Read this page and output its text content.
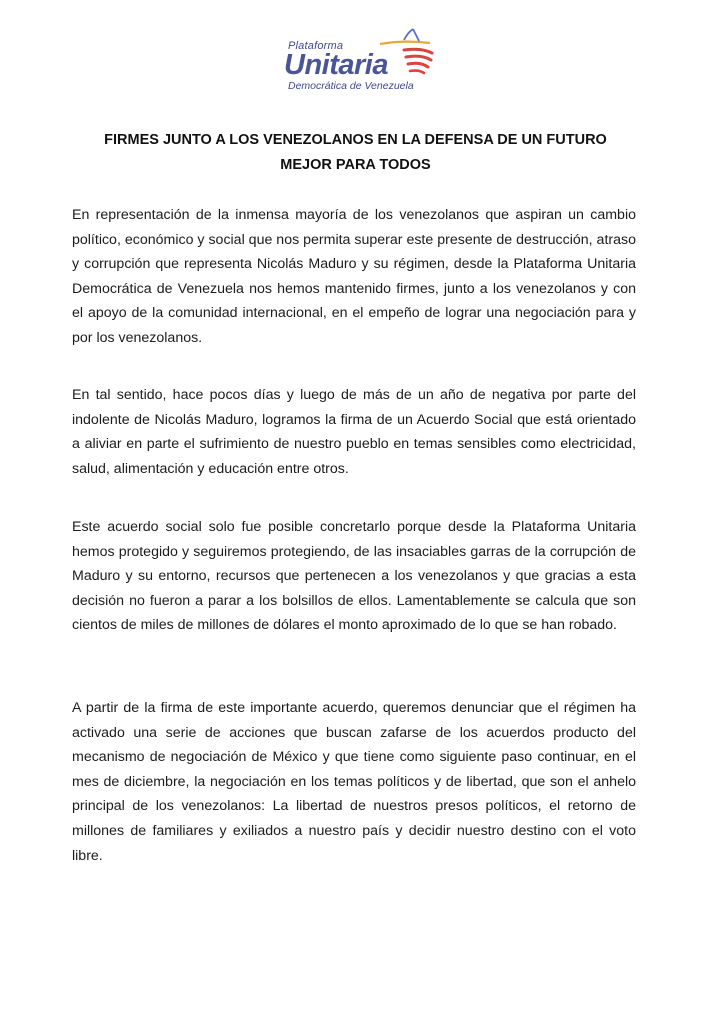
Plataforma
Unitaria
Democrática de Venezuela
FIRMES JUNTO A LOS VENEZOLANOS EN LA DEFENSA DE UN FUTURO
MEJOR PARA TODOS

En representación de la inmensa mayoría de los venezolanos que aspiran un cambio político, económico y social que nos permita superar este presente de destrucción, atraso y corrupción que representa Nicolás Maduro y su régimen, desde la Plataforma Unitaria Democrática de Venezuela nos hemos mantenido firmes, junto a los venezolanos y con el apoyo de la comunidad internacional, en el empeño de lograr una negociación para y por los venezolanos.

En tal sentido, hace pocos días y luego de más de un año de negativa por parte del indolente de Nicolás Maduro, logramos la firma de un Acuerdo Social que está orientado a aliviar en parte el sufrimiento de nuestro pueblo en temas sensibles como electricidad, salud, alimentación y educación entre otros.

Este acuerdo social solo fue posible concretarlo porque desde la Plataforma Unitaria hemos protegido y seguiremos protegiendo, de las insaciables garras de la corrupción de Maduro y su entorno, recursos que pertenecen a los venezolanos y que gracias a esta decisión no fueron a parar a los bolsillos de ellos. Lamentablemente se calcula que son cientos de miles de millones de dólares el monto aproximado de lo que se han robado.

A partir de la firma de este importante acuerdo, queremos denunciar que el régimen ha activado una serie de acciones que buscan zafarse de los acuerdos producto del mecanismo de negociación de México y que tiene como siguiente paso continuar, en el mes de diciembre, la negociación en los temas políticos y de libertad, que son el anhelo principal de los venezolanos: La libertad de nuestros presos políticos, el retorno de millones de familiares y exiliados a nuestro país y decidir nuestro destino con el voto libre.
